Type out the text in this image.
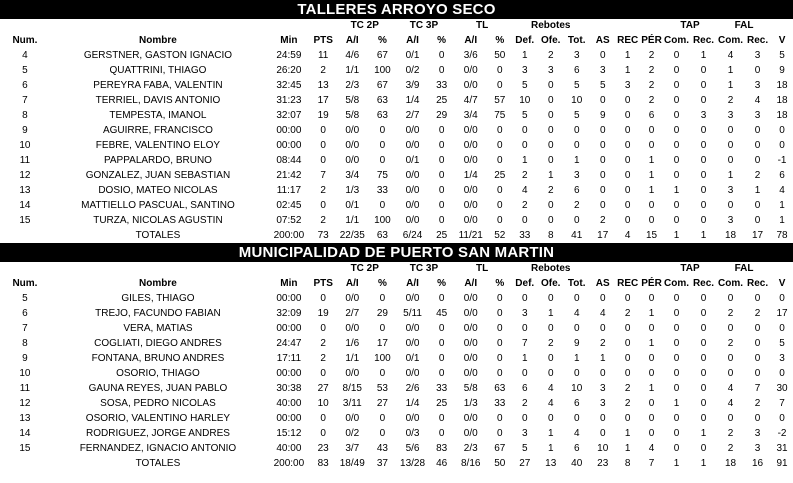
TALLERES ARROYO SECO
				TC 2P		TC 3P		TL		Rebotes						TAP		FAL		
Num.	Nombre	Min	PTS	A/I	%	A/I	%	A/I	%	Def.	Ofe.	Tot.	AS	REC	PÉR	Com.	Rec.	Com.	Rec.	V
4	GERSTNER, GASTON IGNACIO	24:59	11	4/6	67	0/1	0	3/6	50	1	2	3	0	1	2	0	1	4	3	5
5	QUATTRINI, THIAGO	26:20	2	1/1	100	0/2	0	0/0	0	3	3	6	3	1	2	0	0	1	0	9
6	PEREYRA FABA, VALENTIN	32:45	13	2/3	67	3/9	33	0/0	0	5	0	5	5	3	2	0	0	1	3	18
7	TERRIEL, DAVIS ANTONIO	31:23	17	5/8	63	1/4	25	4/7	57	10	0	10	0	0	2	0	0	2	4	18
8	TEMPESTA, IMANOL	32:07	19	5/8	63	2/7	29	3/4	75	5	0	5	9	0	6	0	3	3	3	18
9	AGUIRRE, FRANCISCO	00:00	0	0/0	0	0/0	0	0/0	0	0	0	0	0	0	0	0	0	0	0	0
10	FEBRE, VALENTINO ELOY	00:00	0	0/0	0	0/0	0	0/0	0	0	0	0	0	0	0	0	0	0	0	0
11	PAPPALARDO, BRUNO	08:44	0	0/0	0	0/1	0	0/0	0	1	0	1	0	0	1	0	0	0	0	-1
12	GONZALEZ, JUAN SEBASTIAN	21:42	7	3/4	75	0/0	0	1/4	25	2	1	3	0	0	1	0	0	1	2	6
13	DOSIO, MATEO NICOLAS	11:17	2	1/3	33	0/0	0	0/0	0	4	2	6	0	0	1	1	0	3	1	4
14	MATTIELLO PASCUAL, SANTINO	02:45	0	0/1	0	0/0	0	0/0	0	2	0	2	0	0	0	0	0	0	0	1
15	TURZA, NICOLAS AGUSTIN	07:52	2	1/1	100	0/0	0	0/0	0	0	0	0	2	0	0	0	0	3	0	1
	TOTALES	200:00	73	22/35	63	6/24	25	11/21	52	33	8	41	17	4	15	1	1	18	17	78
MUNICIPALIDAD DE PUERTO SAN MARTIN
				TC 2P		TC 3P		TL		Rebotes						TAP		FAL		
Num.	Nombre	Min	PTS	A/I	%	A/I	%	A/I	%	Def.	Ofe.	Tot.	AS	REC	PÉR	Com.	Rec.	Com.	Rec.	V
5	GILES, THIAGO	00:00	0	0/0	0	0/0	0	0/0	0	0	0	0	0	0	0	0	0	0	0	0
6	TREJO, FACUNDO FABIAN	32:09	19	2/7	29	5/11	45	0/0	0	3	1	4	4	2	1	0	0	2	2	17
7	VERA, MATIAS	00:00	0	0/0	0	0/0	0	0/0	0	0	0	0	0	0	0	0	0	0	0	0
8	COGLIATI, DIEGO ANDRES	24:47	2	1/6	17	0/0	0	0/0	0	7	2	9	2	0	1	0	0	2	0	5
9	FONTANA, BRUNO ANDRES	17:11	2	1/1	100	0/1	0	0/0	0	1	0	1	1	0	0	0	0	0	0	3
10	OSORIO, THIAGO	00:00	0	0/0	0	0/0	0	0/0	0	0	0	0	0	0	0	0	0	0	0	0
11	GAUNA REYES, JUAN PABLO	30:38	27	8/15	53	2/6	33	5/8	63	6	4	10	3	2	1	0	0	4	7	30
12	SOSA, PEDRO NICOLAS	40:00	10	3/11	27	1/4	25	1/3	33	2	4	6	3	2	0	1	0	4	2	7
13	OSORIO, VALENTINO HARLEY	00:00	0	0/0	0	0/0	0	0/0	0	0	0	0	0	0	0	0	0	0	0	0
14	RODRIGUEZ, JORGE ANDRES	15:12	0	0/2	0	0/3	0	0/0	0	3	1	4	0	1	0	0	1	2	3	-2
15	FERNANDEZ, IGNACIO ANTONIO	40:00	23	3/7	43	5/6	83	2/3	67	5	1	6	10	1	4	0	0	2	3	31
	TOTALES	200:00	83	18/49	37	13/28	46	8/16	50	27	13	40	23	8	7	1	1	18	16	91
